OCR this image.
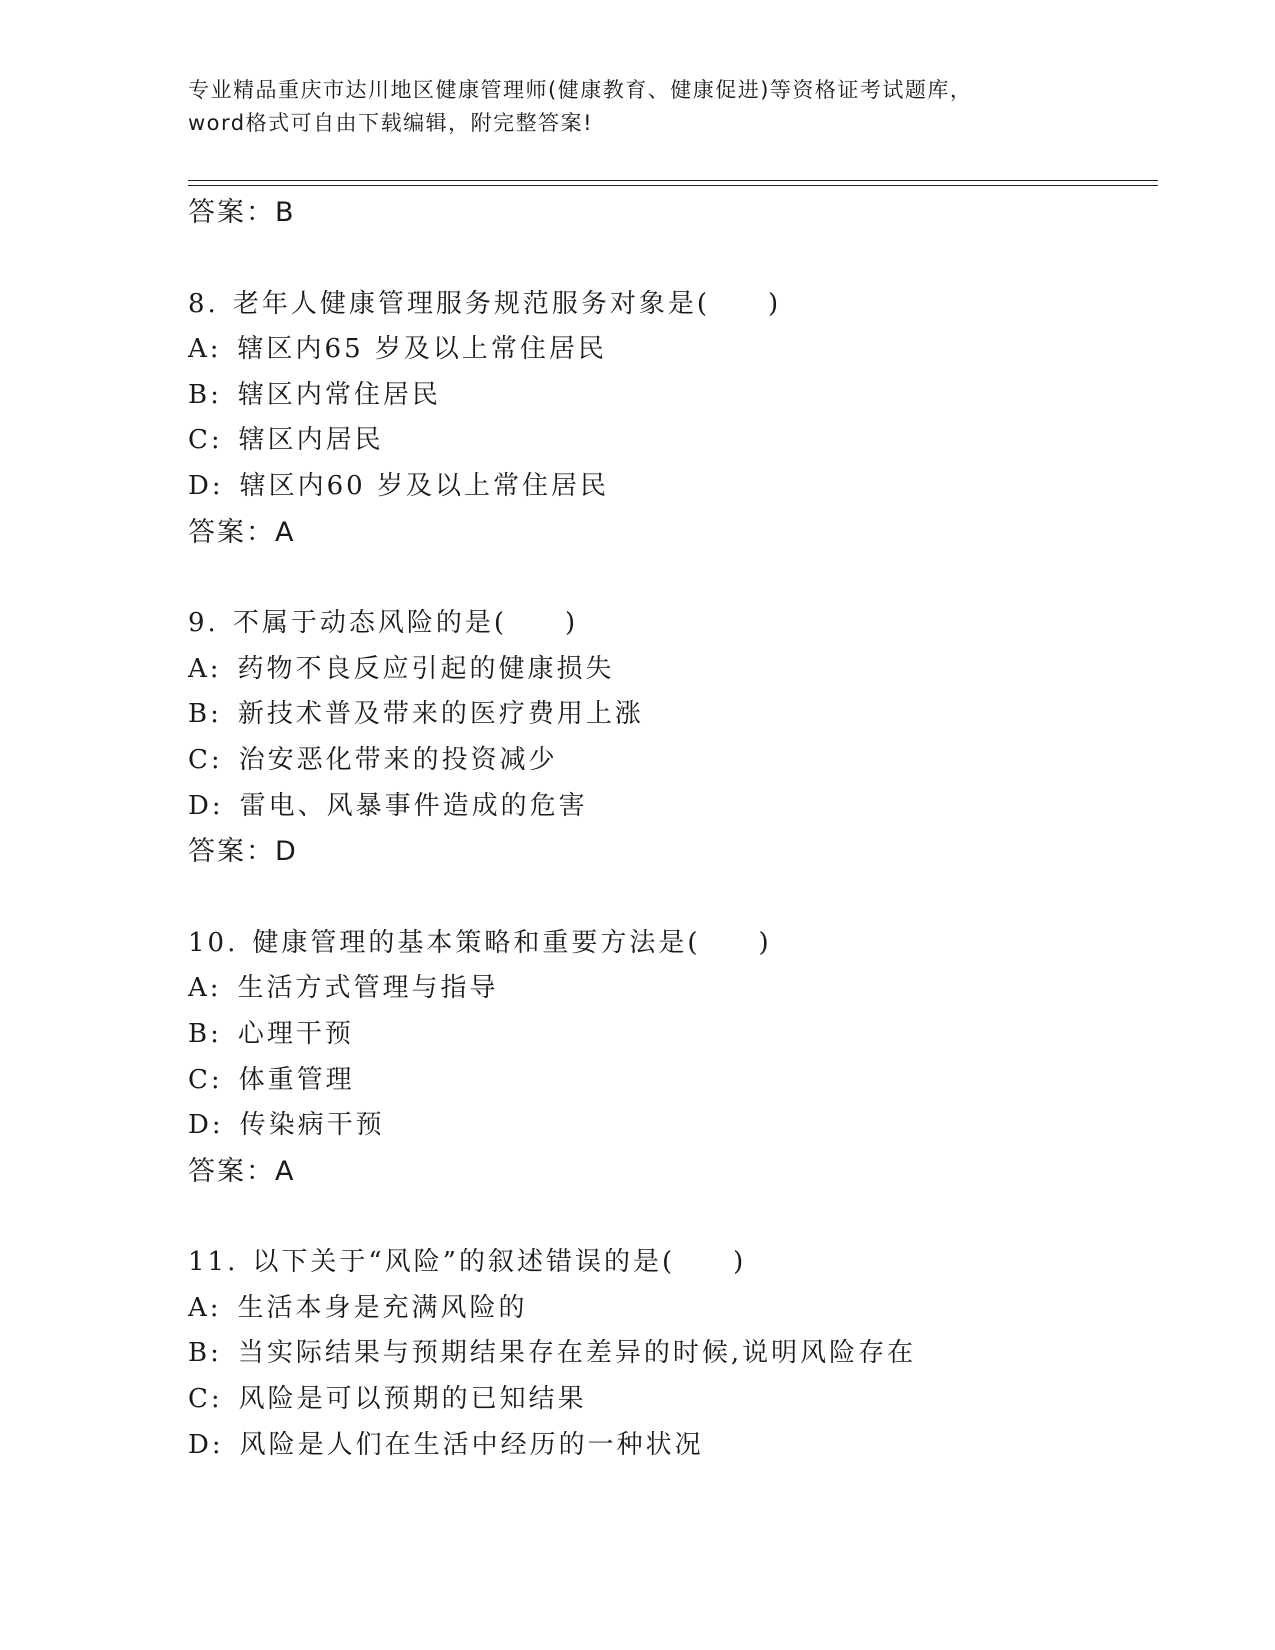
专业精品重庆市达川地区健康管理师(健康教育、健康促进)等资格证考试题库，
word格式可自由下载编辑，附完整答案!
答案：B
8. 老年人健康管理服务规范服务对象是(　　)
A: 辖区内65 岁及以上常住居民
B: 辖区内常住居民
C: 辖区内居民
D: 辖区内60 岁及以上常住居民
答案：A
9. 不属于动态风险的是(　　)
A: 药物不良反应引起的健康损失
B: 新技术普及带来的医疗费用上涨
C: 治安恶化带来的投资减少
D: 雷电、风暴事件造成的危害
答案：D
10. 健康管理的基本策略和重要方法是(　　)
A: 生活方式管理与指导
B: 心理干预
C: 体重管理
D: 传染病干预
答案：A
11. 以下关于“风险”的叙述错误的是(　　)
A: 生活本身是充满风险的
B: 当实际结果与预期结果存在差异的时候,说明风险存在
C: 风险是可以预期的已知结果
D: 风险是人们在生活中经历的一种状况
